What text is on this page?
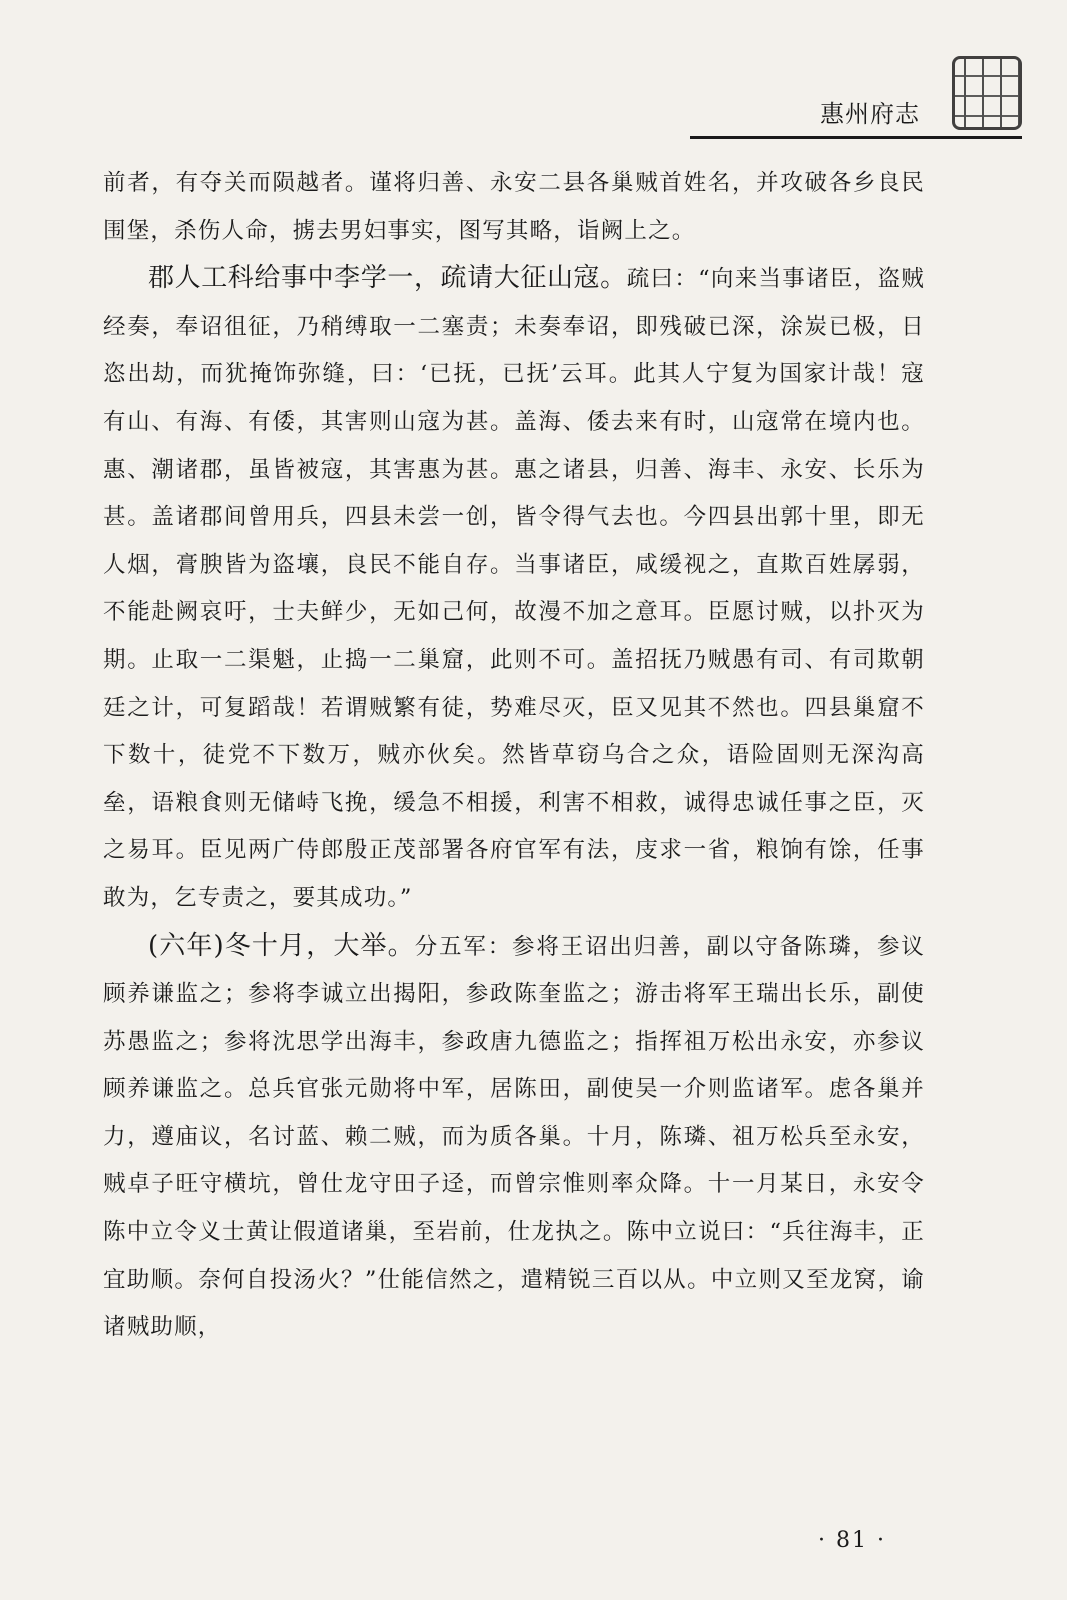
惠州府志

前者，有夺关而陨越者。谨将归善、永安二县各巢贼首姓名，并攻破各乡良民围堡，杀伤人命，掳去男妇事实，图写其略，诣阙上之。

郡人工科给事中李学一，疏请大征山寇。疏曰：“向来当事诸臣，盗贼经奏，奉诏徂征，乃稍缚取一二塞责；未奏奉诏，即残破已深，涂炭已极，日恣出劫，而犹掩饰弥缝，曰：‘已抚，已抚’云耳。此其人宁复为国家计哉！寇有山、有海、有倭，其害则山寇为甚。盖海、倭去来有时，山寇常在境内也。惠、潮诸郡，虽皆被寇，其害惠为甚。惠之诸县，归善、海丰、永安、长乐为甚。盖诸郡间曾用兵，四县未尝一创，皆令得气去也。今四县出郭十里，即无人烟，膏腴皆为盗壤，良民不能自存。当事诸臣，咸缓视之，直欺百姓孱弱，不能赴阙哀吁，士夫鲜少，无如己何，故漫不加之意耳。臣愿讨贼，以扑灭为期。止取一二渠魁，止捣一二巢窟，此则不可。盖招抚乃贼愚有司、有司欺朝廷之计，可复蹈哉！若谓贼繁有徒，势难尽灭，臣又见其不然也。四县巢窟不下数十，徒党不下数万，贼亦伙矣。然皆草窃乌合之众，语险固则无深沟高垒，语粮食则无储峙飞挽，缓急不相援，利害不相救，诚得忠诚任事之臣，灭之易耳。臣见两广侍郎殷正茂部署各府官军有法，庋求一省，粮饷有馀，任事敢为，乞专责之，要其成功。”

(六年)冬十月，大举。分五军：参将王诏出归善，副以守备陈璘，参议顾养谦监之；参将李诚立出揭阳，参政陈奎监之；游击将军王瑞出长乐，副使苏愚监之；参将沈思学出海丰，参政唐九德监之；指挥祖万松出永安，亦参议顾养谦监之。总兵官张元勋将中军，居陈田，副使吴一介则监诸军。虑各巢并力，遵庙议，名讨蓝、赖二贼，而为质各巢。十月，陈璘、祖万松兵至永安，贼卓子旺守横坑，曾仕龙守田子迳，而曾宗惟则率众降。十一月某日，永安令陈中立令义士黄让假道诸巢，至岩前，仕龙执之。陈中立说曰：“兵往海丰，正宜助顺。奈何自投汤火？”仕能信然之，遣精锐三百以从。中立则又至龙窝，谕诸贼助顺，

· 81 ·
